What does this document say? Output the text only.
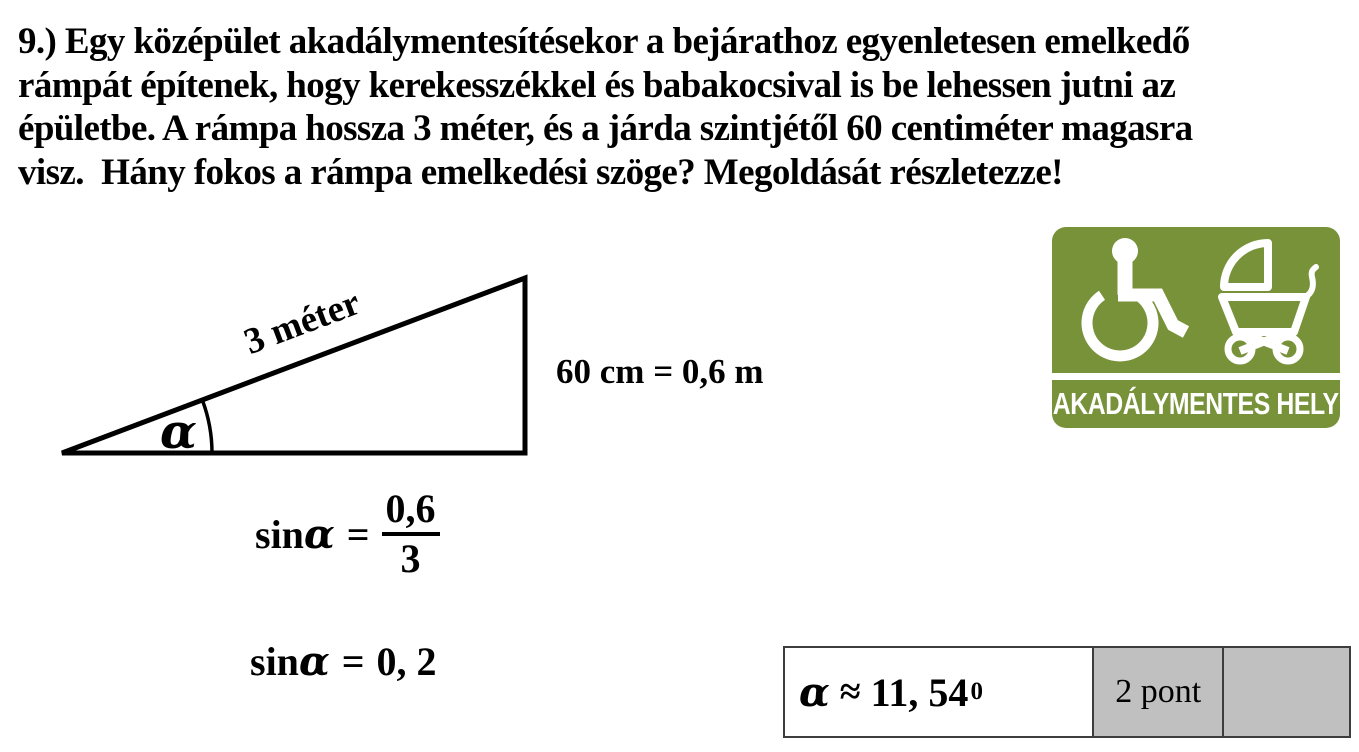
9.) Egy középület akadálymentesítésekor a bejárathoz egyenletesen emelkedő
rámpát építenek, hogy kerekesszékkel és babakocsival is be lehessen jutni az
épületbe. A rámpa hossza 3 méter, és a járda szintjétől 60 centiméter magasra
visz.  Hány fokos a rámpa emelkedési szöge? Megoldását részletezze!
α
3 méter
60 cm = 0,6 m
AKADÁLYMENTES HELY
$\sin \alpha = \frac{0,6}{3}$
sin α = 0, 2
α ≈ 11, 54 0	2 pont
